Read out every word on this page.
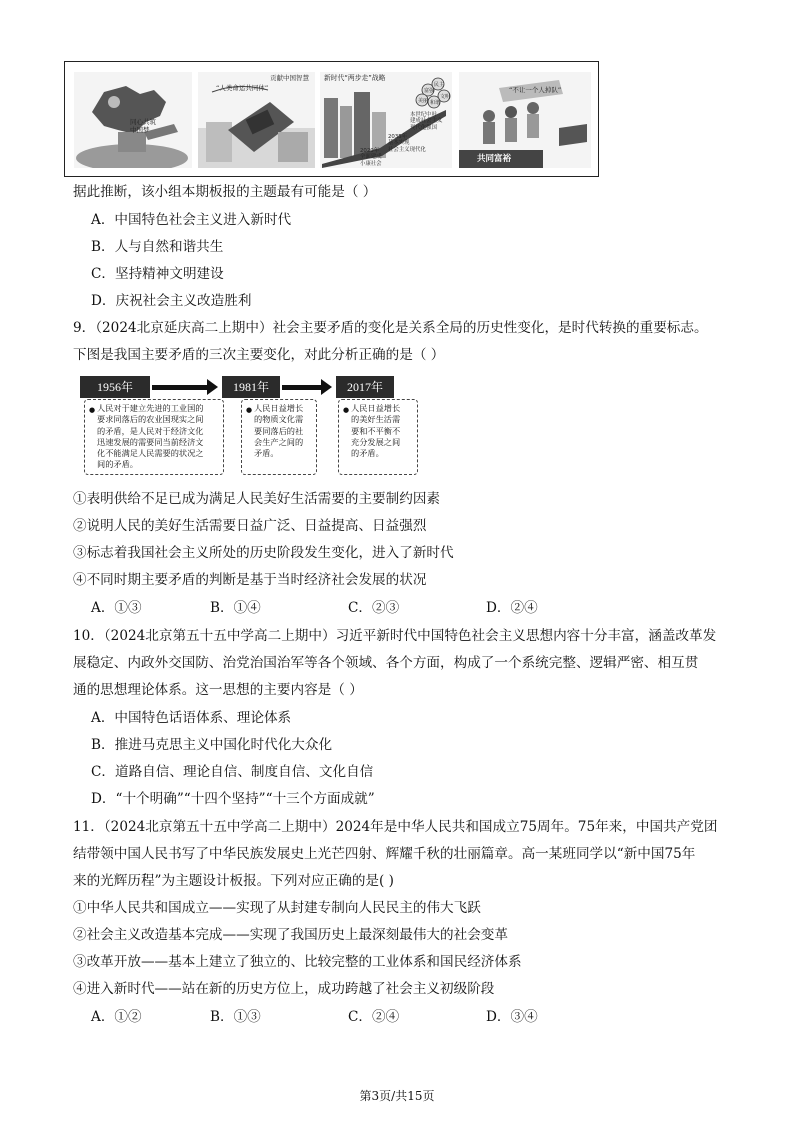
同心共筑
中国梦
“人类命运共同体”
贡献中国智慧 新时代“两步走”战略
富强
民主
文明
和谐
美丽
本世纪中叶
建成社会主义
现代化强国
2035年
基本实现
社会主义现代化
2020年
全面建成
小康社会
“不让一个人掉队”
共同富裕
据此推断，该小组本期板报的主题最有可能是（ ）
A．中国特色社会主义进入新时代
B．人与自然和谐共生
C．坚持精神文明建设
D．庆祝社会主义改造胜利
9．（2024北京延庆高二上期中）社会主要矛盾的变化是关系全局的历史性变化，是时代转换的重要标志。
下图是我国主要矛盾的三次主要变化，对此分析正确的是（ ）
1956年	1981年	2017年
● 人民对于建立先进的工业国的
要求同落后的农业国现实之间
的矛盾，是人民对于经济文化
迅速发展的需要同当前经济文
化不能满足人民需要的状况之
间的矛盾。
● 人民日益增长
的物质文化需
要同落后的社
会生产之间的
矛盾。
● 人民日益增长
的美好生活需
要和不平衡不
充分发展之间
的矛盾。
①表明供给不足已成为满足人民美好生活需要的主要制约因素
②说明人民的美好生活需要日益广泛、日益提高、日益强烈
③标志着我国社会主义所处的历史阶段发生变化，进入了新时代
④不同时期主要矛盾的判断是基于当时经济社会发展的状况
A．①③	B．①④	C．②③	D．②④
10．（2024北京第五十五中学高二上期中）习近平新时代中国特色社会主义思想内容十分丰富，涵盖改革发
展稳定、内政外交国防、治党治国治军等各个领域、各个方面，构成了一个系统完整、逻辑严密、相互贯
通的思想理论体系。这一思想的主要内容是（ ）
A．中国特色话语体系、理论体系
B．推进马克思主义中国化时代化大众化
C．道路自信、理论自信、制度自信、文化自信
D．“十个明确”“十四个坚持”“十三个方面成就”
11．（2024北京第五十五中学高二上期中）2024年是中华人民共和国成立75周年。75年来，中国共产党团
结带领中国人民书写了中华民族发展史上光芒四射、辉耀千秋的壮丽篇章。高一某班同学以“新中国75年
来的光辉历程”为主题设计板报。下列对应正确的是( )
①中华人民共和国成立——实现了从封建专制向人民民主的伟大飞跃
②社会主义改造基本完成——实现了我国历史上最深刻最伟大的社会变革
③改革开放——基本上建立了独立的、比较完整的工业体系和国民经济体系
④进入新时代——站在新的历史方位上，成功跨越了社会主义初级阶段
A．①②	B．①③	C．②④	D．③④
第3页/共15页
